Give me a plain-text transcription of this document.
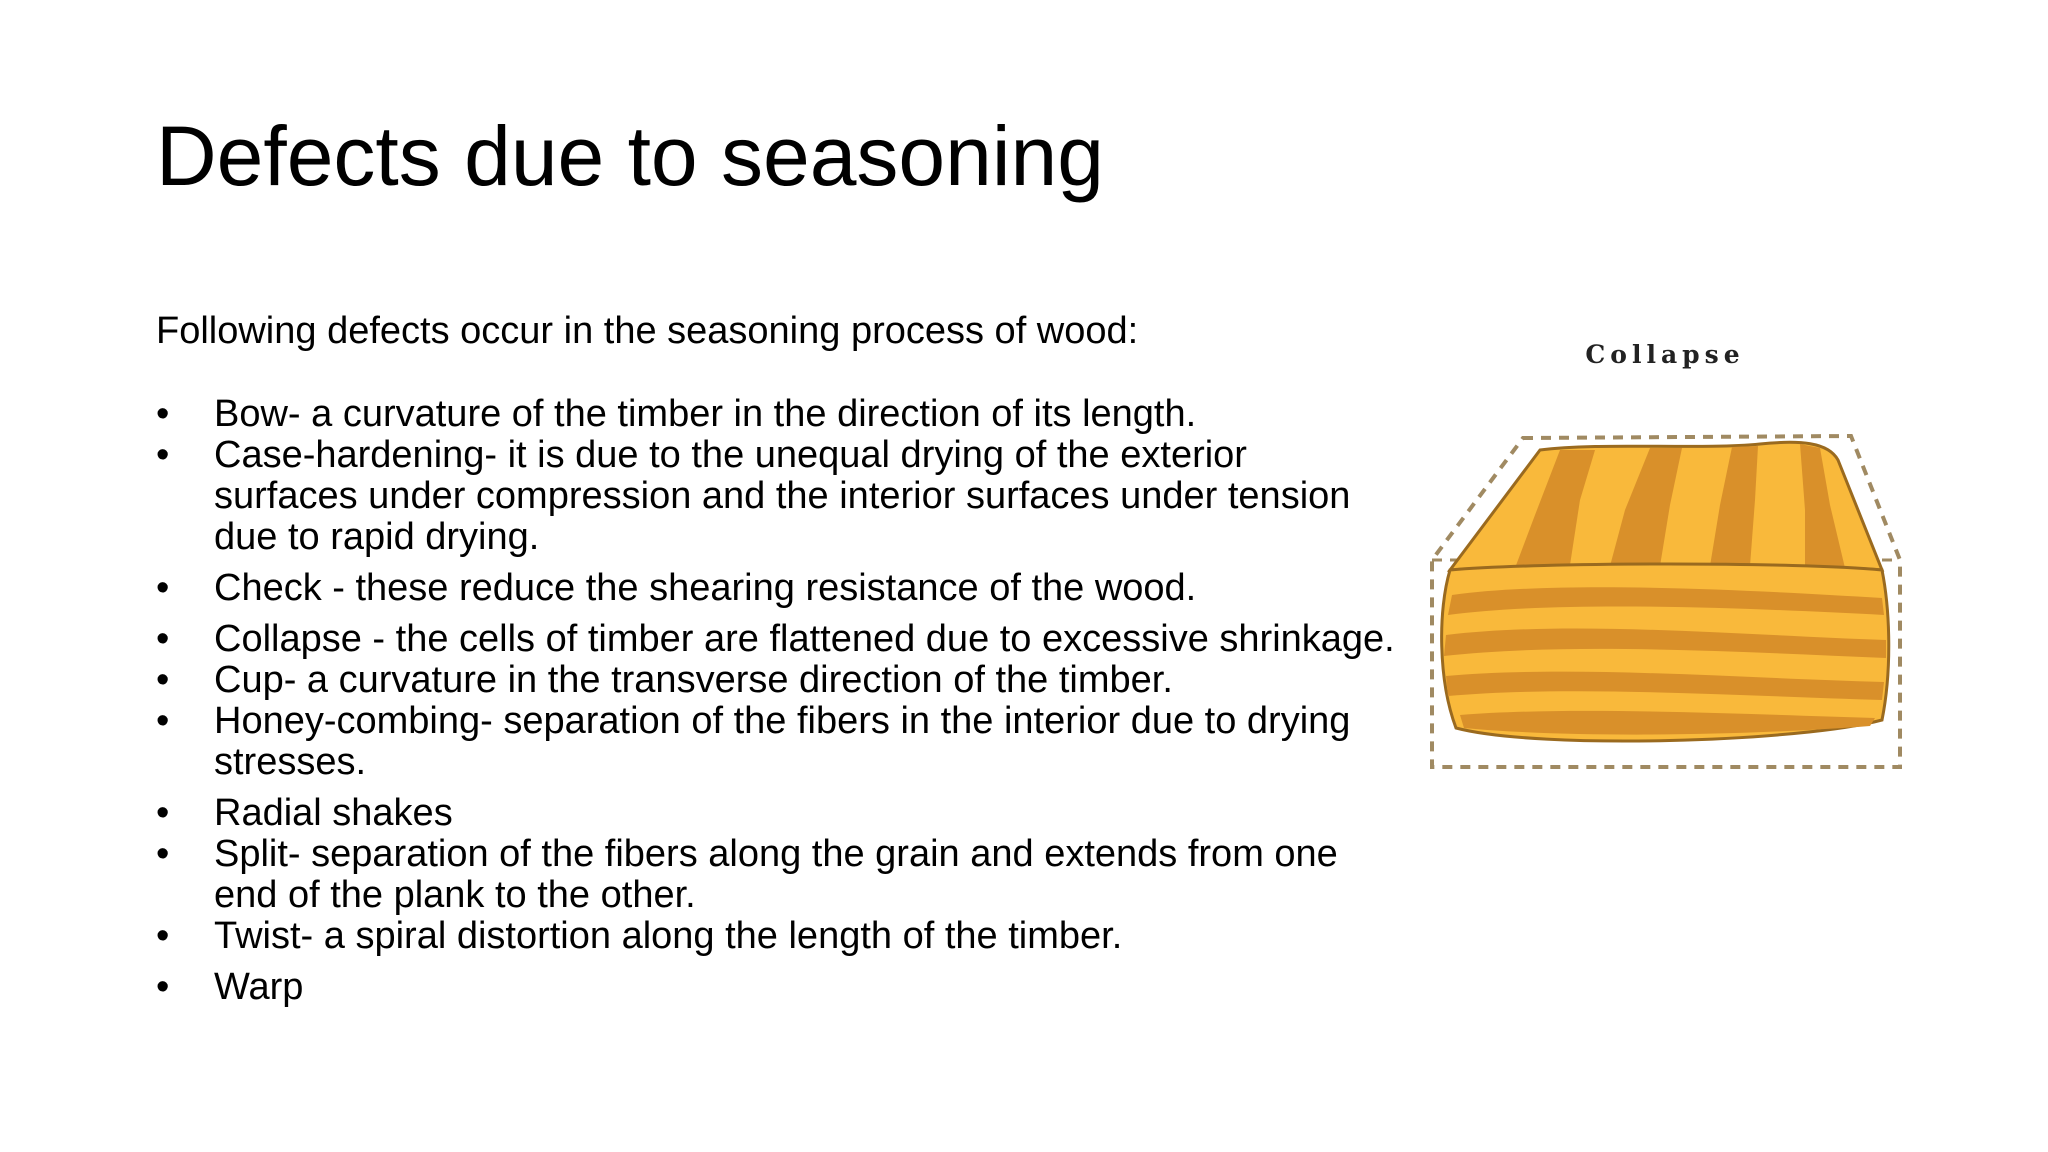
Defects due to seasoning

Following defects occur in the seasoning process of wood:

•	Bow- a curvature of the timber in the direction of its length.
•	Case-hardening- it is due to the unequal drying of the exterior surfaces under compression and the interior surfaces under tension due to rapid drying.
•	Check - these reduce the shearing resistance of the wood.
•	Collapse - the cells of timber are flattened due to excessive shrinkage.
•	Cup- a curvature in the transverse direction of the timber.
•	Honey-combing- separation of the fibers in the interior due to drying stresses.
•	Radial shakes
•	Split- separation of the fibers along the grain and extends from one end of the plank to the other.
•	Twist- a spiral distortion along the length of the timber.
•	Warp
Collapse
